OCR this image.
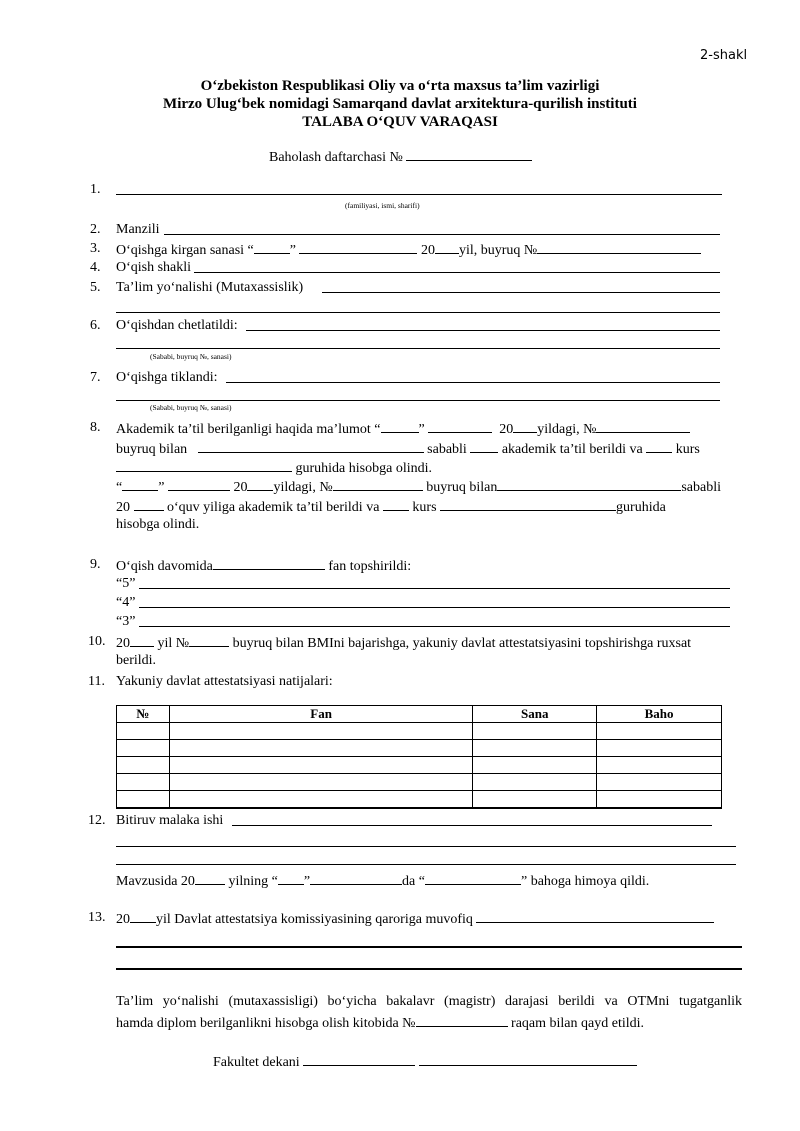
2-shakl
O‘zbekiston Respublikasi Oliy va o‘rta maxsus ta’lim vazirligi
Mirzo Ulug‘bek nomidagi Samarqand davlat arxitektura-qurilish instituti
TALABA O‘QUV VARAQASI
Baholash daftarchasi №
1.
(familiyasi, ismi, sharifi)
2. Manzili
3. O‘qishga kirgan sanasi “	”	20 yil, buyruq №
4. O‘qish shakli
5. Ta’lim yo‘nalishi (Mutaxassislik)
6. O‘qishdan chetlatildi:
(Sababi, buyruq №, sanasi)
7. O‘qishga tiklandi:
(Sababi, buyruq №, sanasi)
8. Akademik ta’til berilganligi haqida ma’lumot “	”	20 yildagi, №
buyruq bilan	sababli	akademik ta’til berildi va kurs
guruhida hisobga olindi.
“	”	20 yildagi, №	buyruq bilan	sababli
20	o‘quv yiliga akademik ta’til berildi va kurs	guruhida
hisobga olindi.
9. O‘qish davomida	fan topshirildi:
“5”
“4”
“3”
10. 20 yil №	buyruq bilan BMIni bajarishga, yakuniy davlat attestatsiyasini topshirishga ruxsat
berildi.
11. Yakuniy davlat attestatsiyasi natijalari:
№	Fan	Sana	Baho

12. Bitiruv malaka ishi
Mavzusida 20 yilning “ ”	da “	” bahoga himoya qildi.
13. 20 yil Davlat attestatsiya komissiyasining qaroriga muvofiq
Ta’lim yo‘nalishi (mutaxassisligi) bo‘yicha bakalavr (magistr) darajasi berildi va OTMni tugatganlik
hamda diplom berilganlikni hisobga olish kitobida №	raqam bilan qayd etildi.
Fakultet dekani
